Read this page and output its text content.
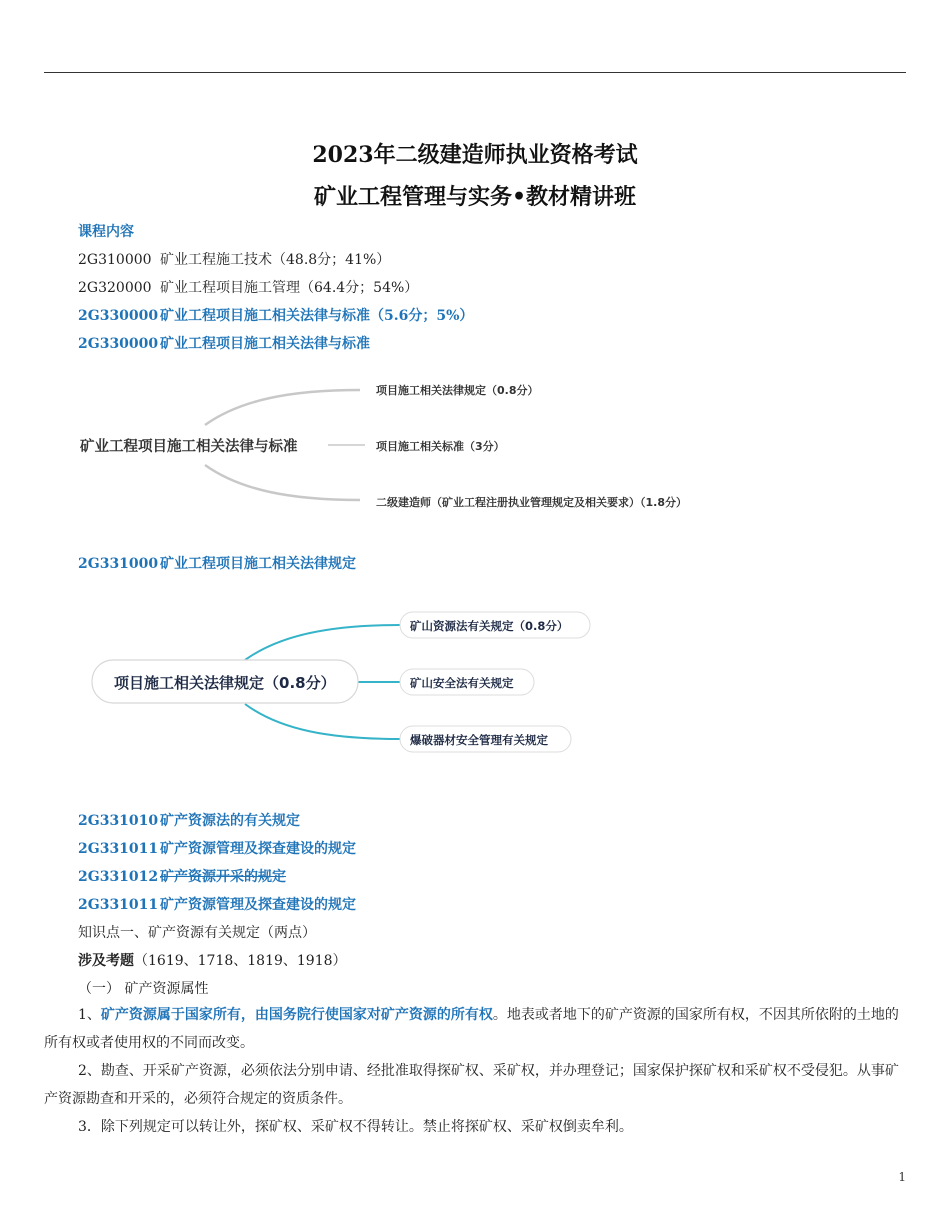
2023年二级建造师执业资格考试
矿业工程管理与实务•教材精讲班
课程内容
2G310000 矿业工程施工技术（48.8分；41%）
2G320000 矿业工程项目施工管理（64.4分；54%）
2G330000 矿业工程项目施工相关法律与标准（5.6分；5%）
2G330000 矿业工程项目施工相关法律与标准
矿业工程项目施工相关法律与标准
项目施工相关法律规定（0.8分）
项目施工相关标准（3分）
二级建造师（矿业工程注册执业管理规定及相关要求）（1.8分）
2G331000 矿业工程项目施工相关法律规定
项目施工相关法律规定（0.8分）
矿山资源法有关规定（0.8分）
矿山安全法有关规定
爆破器材安全管理有关规定
2G331010 矿产资源法的有关规定
2G331011 矿产资源管理及探查建设的规定
2G331012 矿产资源开采的规定
2G331011 矿产资源管理及探查建设的规定
知识点一、矿产资源有关规定（两点）
涉及考题（1619、1718、1819、1918）
（一） 矿产资源属性
1、矿产资源属于国家所有，由国务院行使国家对矿产资源的所有权。地表或者地下的矿产资源的国家所有权，不因其所依附的土地的所有权或者使用权的不同而改变。
2、勘查、开采矿产资源，必须依法分别申请、经批准取得探矿权、采矿权，并办理登记；国家保护探矿权和采矿权不受侵犯。从事矿产资源勘查和开采的，必须符合规定的资质条件。
3．除下列规定可以转让外，探矿权、采矿权不得转让。禁止将探矿权、采矿权倒卖牟利。
1
